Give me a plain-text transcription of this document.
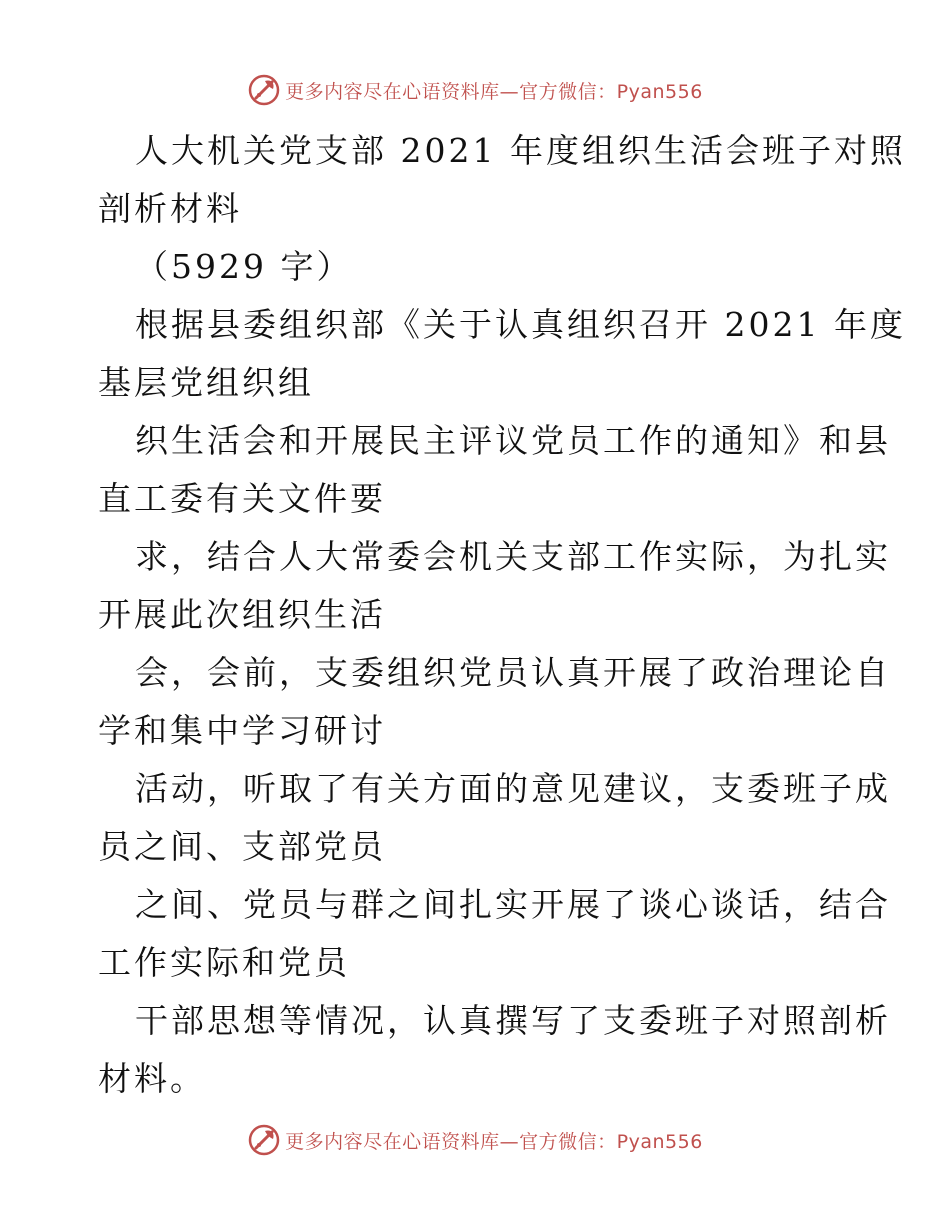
更多内容尽在心语资料库—官方微信：Pyan556
人大机关党支部 2021 年度组织生活会班子对照
剖析材料
（5929 字）
根据县委组织部《关于认真组织召开 2021 年度
基层党组织组
织生活会和开展民主评议党员工作的通知》和县
直工委有关文件要
求，结合人大常委会机关支部工作实际，为扎实
开展此次组织生活
会，会前，支委组织党员认真开展了政治理论自
学和集中学习研讨
活动，听取了有关方面的意见建议，支委班子成
员之间、支部党员
之间、党员与群之间扎实开展了谈心谈话，结合
工作实际和党员
干部思想等情况，认真撰写了支委班子对照剖析
材料。
更多内容尽在心语资料库—官方微信：Pyan556
